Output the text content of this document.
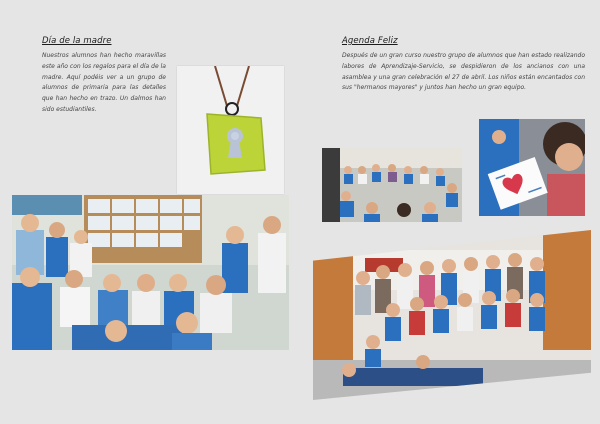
Día de la madre

Nuestros alumnos han hecho maravillas este año con los regalos para el día de la madre. Aquí podéis ver a un grupo de alumnos de primaria para las detalles que han hecho en trazo. Un dalmos han sido estudiantiles.

Agenda Feliz

Después de un gran curso nuestro grupo de alumnos que han estado realizando labores de Aprendizaje-Servicio, se despidieron de los ancianos con una asamblea y una gran celebración el 27 de abril. Los niños están encantados con sus "hermanos mayores" y juntos han hecho un gran equipo.
